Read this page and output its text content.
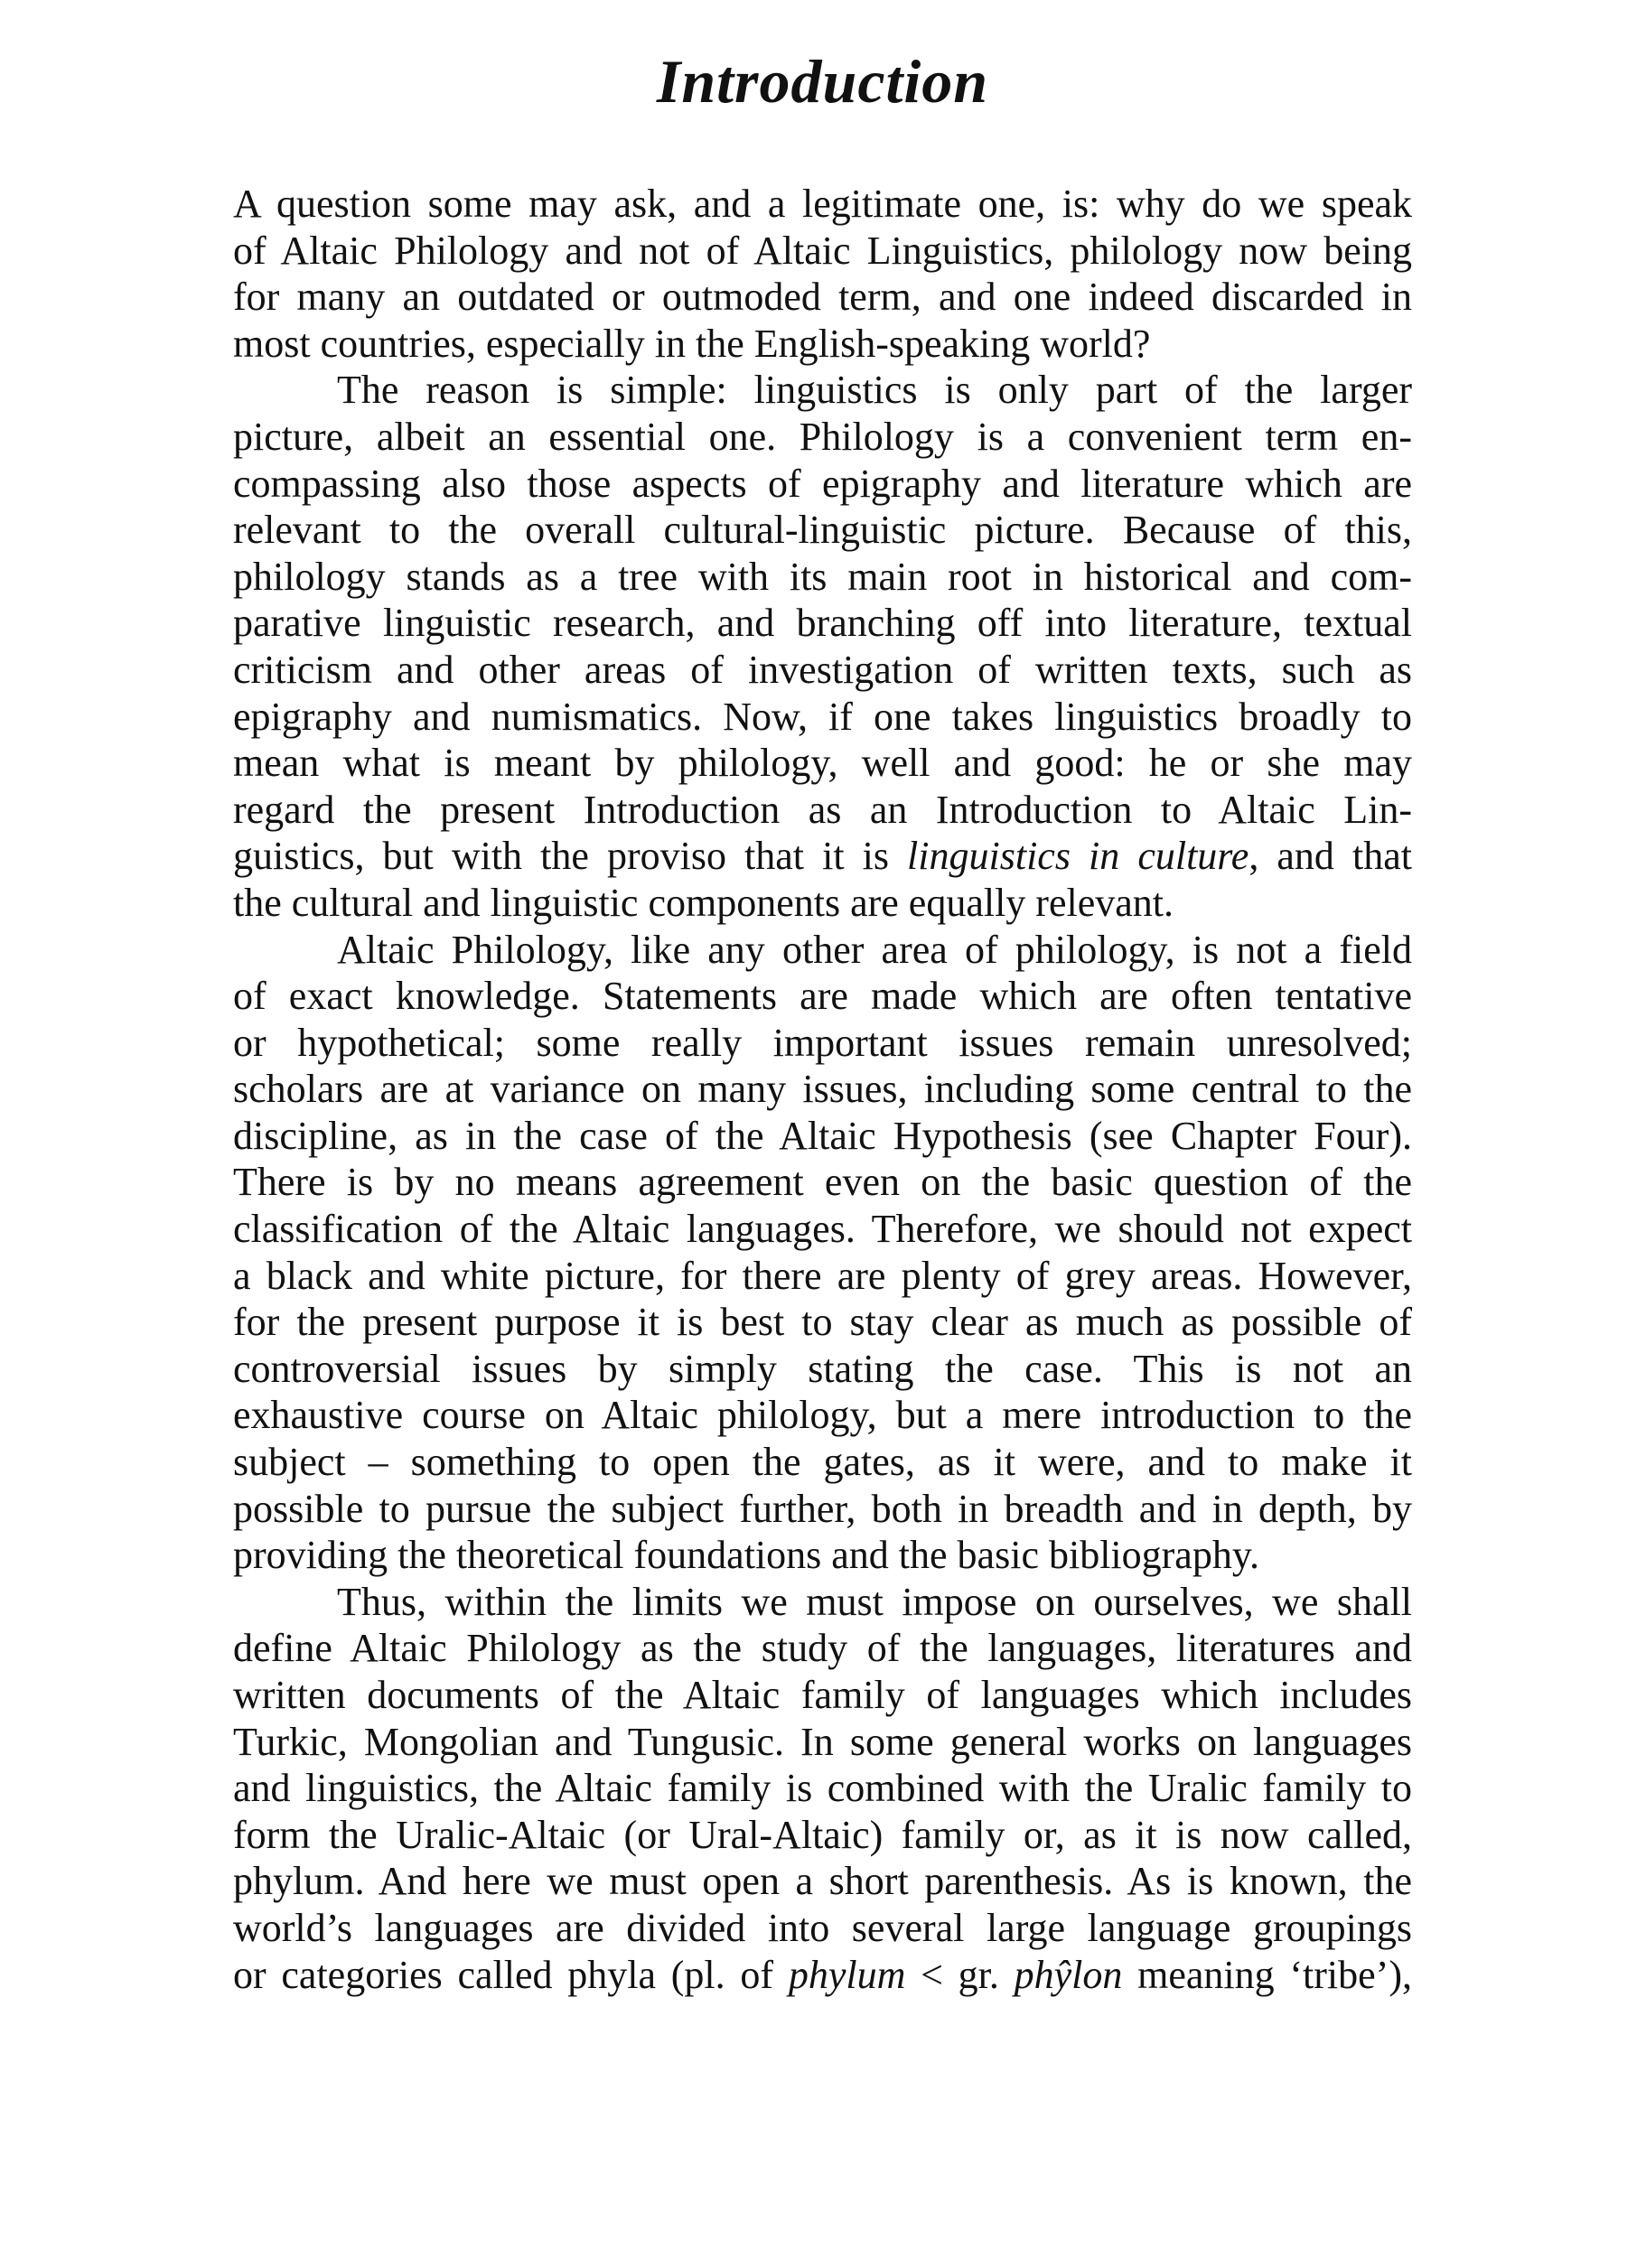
Introduction

A question some may ask, and a legitimate one, is: why do we speak
of Altaic Philology and not of Altaic Linguistics, philology now being
for many an outdated or outmoded term, and one indeed discarded in
most countries, especially in the English-speaking world?

The reason is simple: linguistics is only part of the larger
picture, albeit an essential one. Philology is a convenient term en-
compassing also those aspects of epigraphy and literature which are
relevant to the overall cultural-linguistic picture. Because of this,
philology stands as a tree with its main root in historical and com-
parative linguistic research, and branching off into literature, textual
criticism and other areas of investigation of written texts, such as
epigraphy and numismatics. Now, if one takes linguistics broadly to
mean what is meant by philology, well and good: he or she may
regard the present Introduction as an Introduction to Altaic Lin-
guistics, but with the proviso that it is linguistics in culture, and that
the cultural and linguistic components are equally relevant.

Altaic Philology, like any other area of philology, is not a field
of exact knowledge. Statements are made which are often tentative
or hypothetical; some really important issues remain unresolved;
scholars are at variance on many issues, including some central to the
discipline, as in the case of the Altaic Hypothesis (see Chapter Four).
There is by no means agreement even on the basic question of the
classification of the Altaic languages. Therefore, we should not expect
a black and white picture, for there are plenty of grey areas. However,
for the present purpose it is best to stay clear as much as possible of
controversial issues by simply stating the case. This is not an
exhaustive course on Altaic philology, but a mere introduction to the
subject – something to open the gates, as it were, and to make it
possible to pursue the subject further, both in breadth and in depth, by
providing the theoretical foundations and the basic bibliography.

Thus, within the limits we must impose on ourselves, we shall
define Altaic Philology as the study of the languages, literatures and
written documents of the Altaic family of languages which includes
Turkic, Mongolian and Tungusic. In some general works on languages
and linguistics, the Altaic family is combined with the Uralic family to
form the Uralic-Altaic (or Ural-Altaic) family or, as it is now called,
phylum. And here we must open a short parenthesis. As is known, the
world’s languages are divided into several large language groupings
or categories called phyla (pl. of phylum < gr. phŷlon meaning ‘tribe’),
